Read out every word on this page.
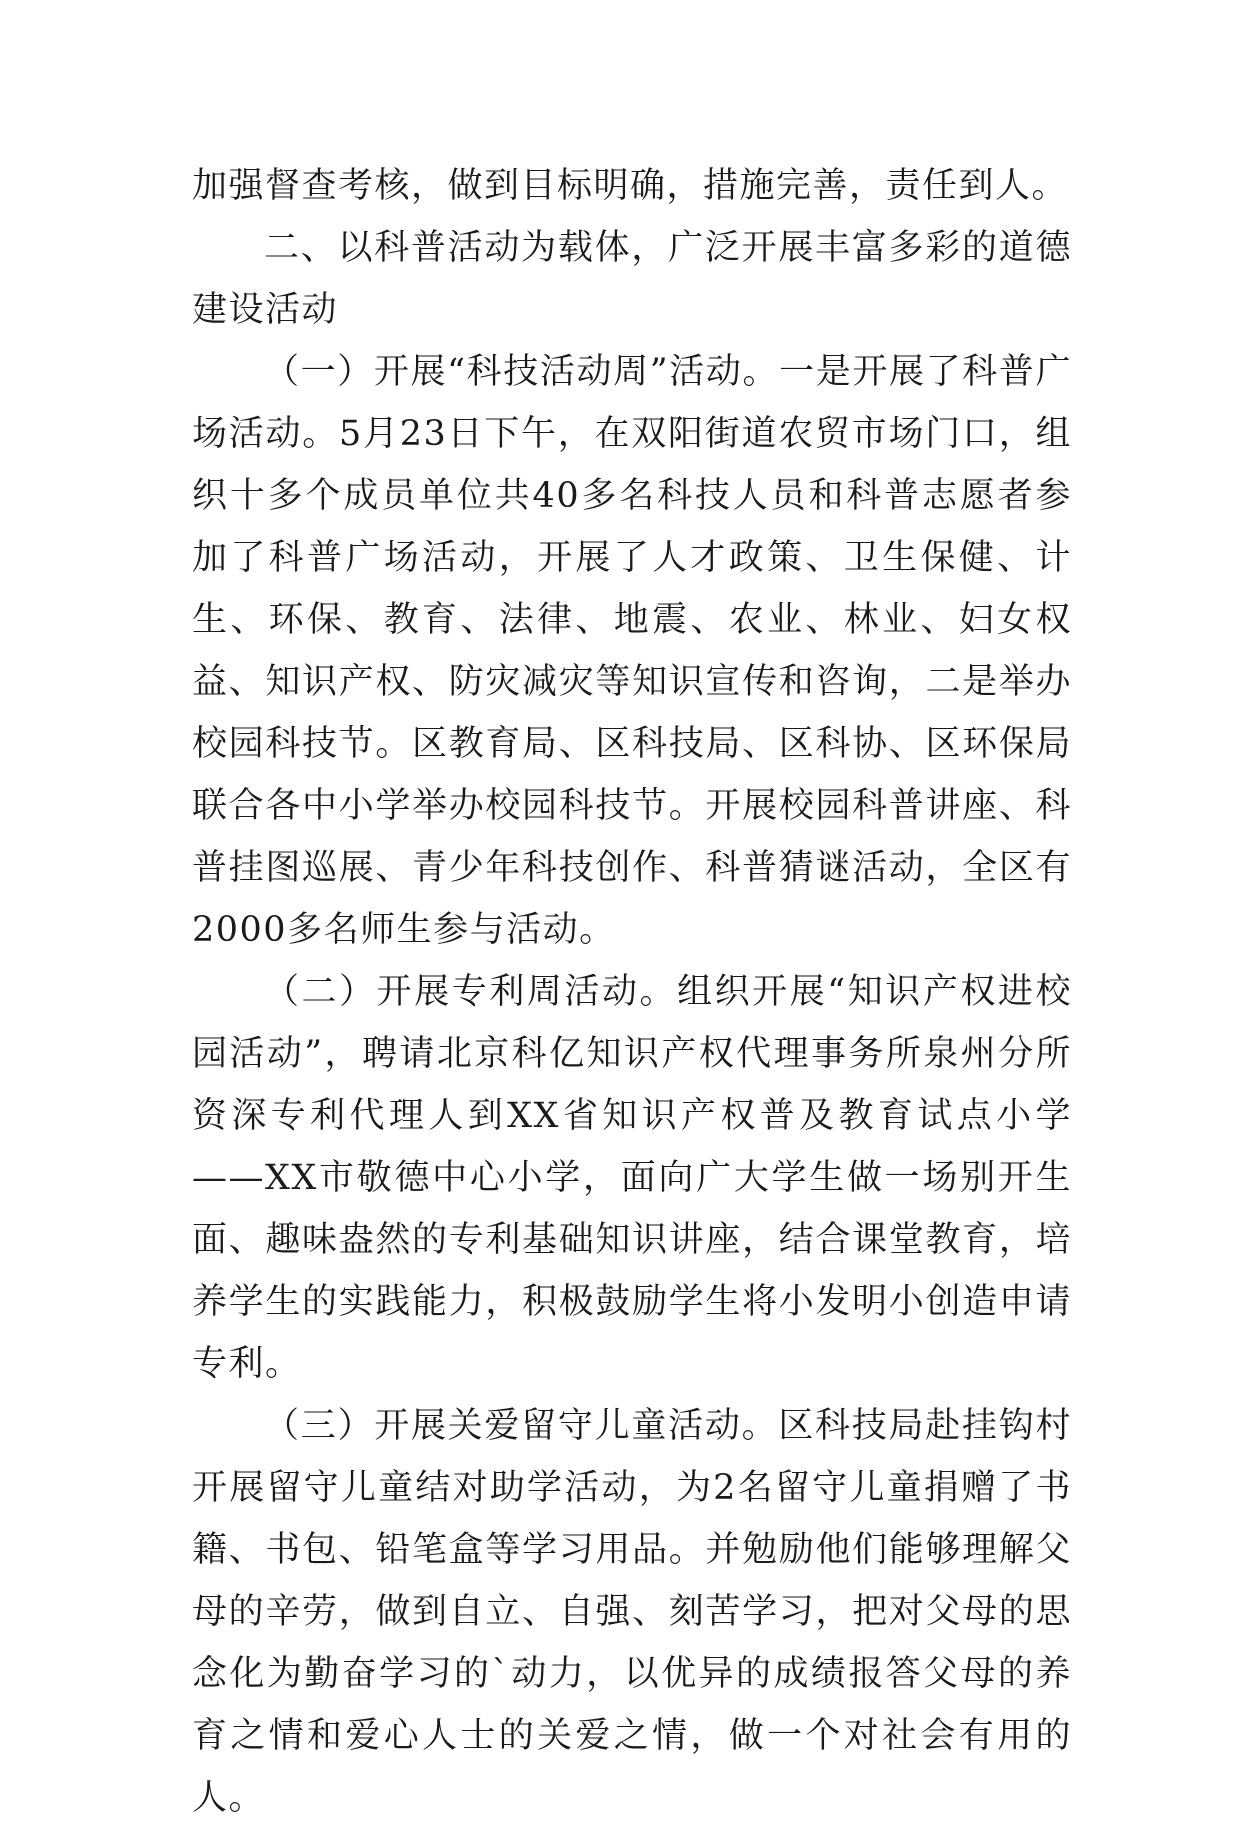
加强督查考核，做到目标明确，措施完善，责任到人。

二、以科普活动为载体，广泛开展丰富多彩的道德建设活动

（一）开展“科技活动周”活动。一是开展了科普广场活动。5月23日下午，在双阳街道农贸市场门口，组织十多个成员单位共40多名科技人员和科普志愿者参加了科普广场活动，开展了人才政策、卫生保健、计生、环保、教育、法律、地震、农业、林业、妇女权益、知识产权、防灾减灾等知识宣传和咨询，二是举办校园科技节。区教育局、区科技局、区科协、区环保局联合各中小学举办校园科技节。开展校园科普讲座、科普挂图巡展、青少年科技创作、科普猜谜活动，全区有2000多名师生参与活动。

（二）开展专利周活动。组织开展“知识产权进校园活动”，聘请北京科亿知识产权代理事务所泉州分所资深专利代理人到XX省知识产权普及教育试点小学——XX市敬德中心小学，面向广大学生做一场别开生面、趣味盎然的专利基础知识讲座，结合课堂教育，培养学生的实践能力，积极鼓励学生将小发明小创造申请专利。

（三）开展关爱留守儿童活动。区科技局赴挂钩村开展留守儿童结对助学活动，为2名留守儿童捐赠了书籍、书包、铅笔盒等学习用品。并勉励他们能够理解父母的辛劳，做到自立、自强、刻苦学习，把对父母的思念化为勤奋学习的`动力，以优异的成绩报答父母的养育之情和爱心人士的关爱之情，做一个对社会有用的人。
